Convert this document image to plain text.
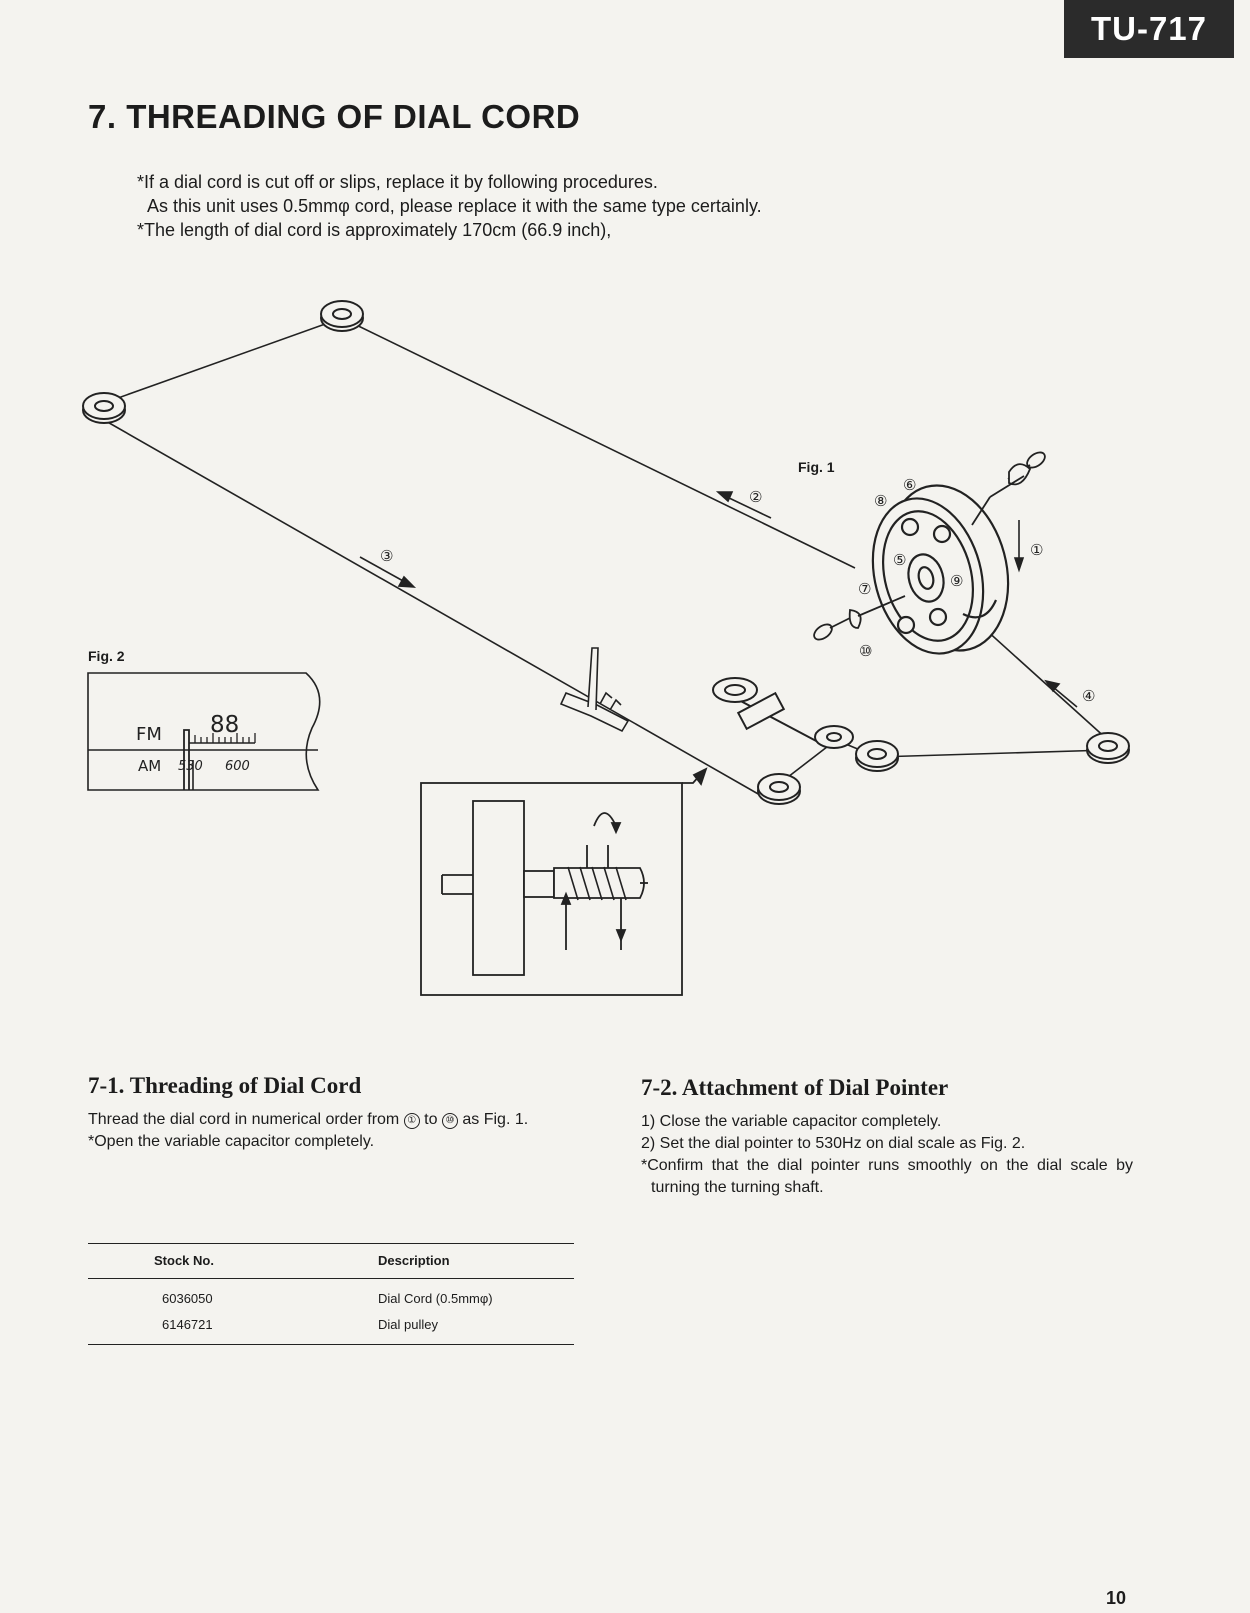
TU-717
7. THREADING OF DIAL CORD

*If a dial cord is cut off or slips, replace it by following procedures.

As this unit uses 0.5mmφ cord, please replace it with the same type certainly.

*The length of dial cord is approximately 170cm (66.9 inch),

①
②
③
④
⑤
⑥
⑦
⑧
⑨
⑩
FM 88
AM 530 600
Fig. 1
Fig. 2
7-1. Threading of Dial Cord

Thread the dial cord in numerical order from ① to ⑩ as Fig. 1.

*Open the variable capacitor completely.

7-2. Attachment of Dial Pointer

1) Close the variable capacitor completely.

2) Set the dial pointer to 530Hz on dial scale as Fig. 2.

*Confirm that the dial pointer runs smoothly on the dial scale by turning the turning shaft.

Stock No.	Description
6036050	Dial Cord (0.5mmφ)
6146721	Dial pulley
10
